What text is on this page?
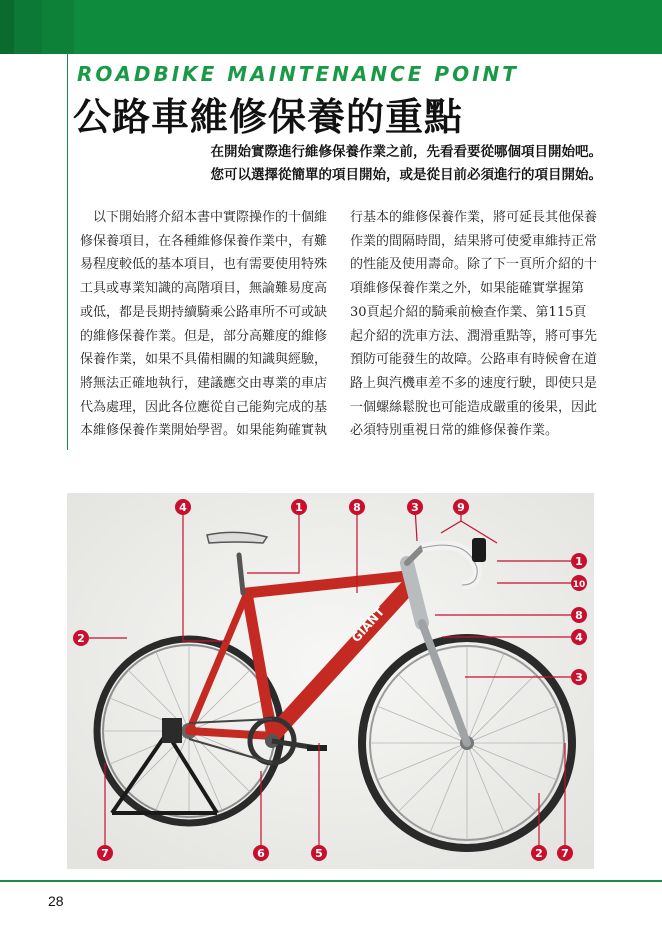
ROADBIKE MAINTENANCE POINT
公路車維修保養的重點
在開始實際進行維修保養作業之前，先看看要從哪個項目開始吧。
您可以選擇從簡單的項目開始，或是從目前必須進行的項目開始。
　以下開始將介紹本書中實際操作的十個維
修保養項目，在各種維修保養作業中，有難
易程度較低的基本項目，也有需要使用特殊
工具或專業知識的高階項目，無論難易度高
或低，都是長期持續騎乘公路車所不可或缺
的維修保養作業。但是，部分高難度的維修
保養作業，如果不具備相關的知識與經驗，
將無法正確地執行，建議應交由專業的車店
代為處理，因此各位應從自己能夠完成的基
本維修保養作業開始學習。如果能夠確實執
行基本的維修保養作業，將可延長其他保養
作業的間隔時間，結果將可使愛車維持正常
的性能及使用壽命。除了下一頁所介紹的十
項維修保養作業之外，如果能確實掌握第
30頁起介紹的騎乘前檢查作業、第115頁
起介紹的洗車方法、潤滑重點等，將可事先
預防可能發生的故障。公路車有時候會在道
路上與汽機車差不多的速度行駛，即使只是
一個螺絲鬆脫也可能造成嚴重的後果，因此
必須特別重視日常的維修保養作業。
GIANT
4	1	8	3	9
2
1
10
8
4
3
7	6	5	2 7
28
